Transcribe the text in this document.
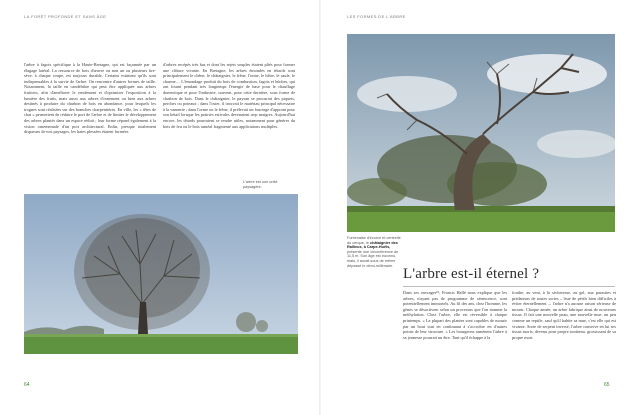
LA FORÊT PROFONDE ET SANS ÂGE

l'arbre à fagots spécifique à la Haute-Bretagne, qui est façonnée par un élagage latéral. La ressource de bois d'œuvre ou non un ou plusieurs tire-sève, à chaque coupe, est toujours durable. Certains estiment qu'ils sont indispensables à la survie de l'arbre. On rencontre d'autres formes de taille. Notamment, la taille en candélabre qui peut être appliquée aux arbres fruitiers, afin d'améliorer le rendement et d'optimiser l'exposition à la lumière des fruits, mais aussi aux arbres d'ornement ou bien aux arbres destinés à produire du charbon de bois en abondance, pour lesquels les trognes sont réalisées sur des branches charpentières. En ville, les « têtes de chat » permettent de réduire le port de l'arbre et de limiter le développement des arbres plantés dans un espace réduit ; leur forme répond également à la vision ornementale d'un port architectural. Enfin, presque totalement disparues de nos paysages, les haies plessées étaient formées

d'arbres recépés très bas et dont les rejets souples étaient pliés pour former une clôture vivante. En Bretagne, les arbres émondés en têtards sont principalement le chêne, le châtaignier, le frêne, l'orme, le hêtre, le saule, le charme… L'émondage produit du bois de combustion, fagots et bûches, qui ont fourni pendant très longtemps l'énergie de base pour le chauffage domestique et pour l'industrie, souvent, pour cette dernière, sous forme de charbon de bois. Dans le châtaignier, le paysan se procurait des piquets, perches ou poteaux ; dans l'osier, il trouvait le matériau principal nécessaire à la vannerie ; dans l'orme ou le frêne, il prélevait un fourrage d'appoint pour son bétail lorsque les prairies estivales devenaient trop maigres. Aujourd'hui encore, les têtards pourraient se rendre utiles, notamment pour générer du bois de feu ou le bois raméal fragmenté aux applications multiples.

L'arbre est une unité paysagère.
64
LES FORMES DE L'ARBRE
Fontenaise d'écorce et centrelle du cerque, le châtaignier des Rallieux, à Carpe-Huëls, présente une circonférence de 11,5 m. Son âge est inconnu, mais, il aurait sous de même dépassé le demi-millénaire.
L'arbre est-il éternel ?

Dans ses ouvrages¹⁸, Francis Hallé nous explique que les arbres, n'ayant pas de programme de sénescence, sont potentiellement immortels. Au fil des ans, chez l'homme, les gènes se désactivent selon un processus que l'on nomme la méthylation. Chez l'arbre, elle est réversible à chaque printemps. « La plupart des plantes sont capables de mourir par un bout tout en continuant à s'accroître en d'autres points de leur structure. » Les bourgeons ramènent l'arbre à sa jeunesse pourrait un être. Tant qu'il échappe à la

foudre, au vent, à la sécheresse, au gel, aux parasites et prédateurs de toutes sortes – liste de périls bien difficiles à éviter éternellement –, l'arbre n'a aucune raison sérieuse de mourir. Chaque année, un arbre fabrique ainsi de nouveaux tissus. Il fait une nouvelle peau, une nouvelle mue, un peu comme un reptile, sauf qu'il habite sa mue, c'est elle qui est vivante. Sorte de serpent inversé, l'arbre conserve en lui ses tissus morts, devenu pour propre tombeau, grossissant de sa propre mort.

65
